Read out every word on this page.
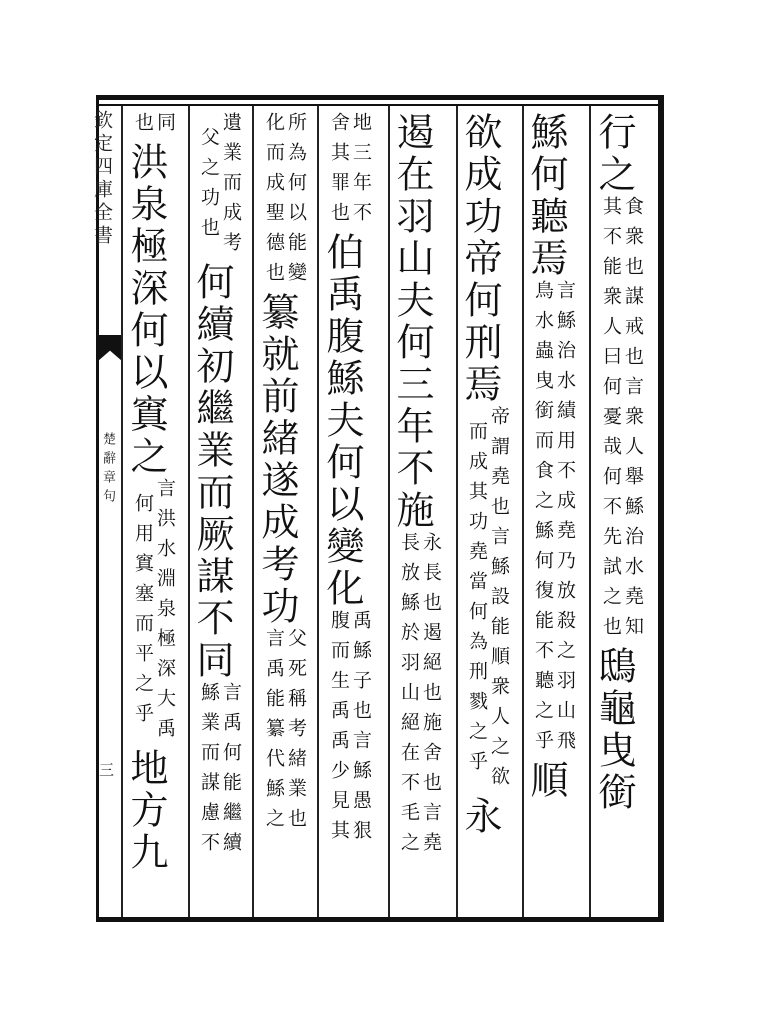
欽定四庫全書
楚辭章句
三
行之
食衆也謀戒也言衆人舉鯀治水堯知
其不能衆人曰何憂哉何不先試之也
鴟龜曳銜
鯀何聽焉
言鯀治水績用不成堯乃放殺之羽山飛
鳥水蟲曳銜而食之鯀何復能不聽之乎
順
欲成功帝何刑焉
帝謂堯也言鯀設能順衆人之欲
而成其功堯當何為刑戮之乎
永
遏在羽山夫何三年不施
永長也遏絕也施舍也言堯
長放鯀於羽山絕在不毛之
地三年不
舍其罪也
伯禹腹鯀夫何以變化
禹鯀子也言鯀愚狠
腹而生禹禹少見其
所為何以能變
化而成聖德也
纂就前緒遂成考功
父死稱考緒業也
言禹能纂代鯀之
遺業而成考
父之功也
何續初繼業而厥謀不同
言禹何能繼續
鯀業而謀慮不
同
也
洪泉極深何以窴之
言洪水淵泉極深大禹
何用窴塞而平之乎
地方九
